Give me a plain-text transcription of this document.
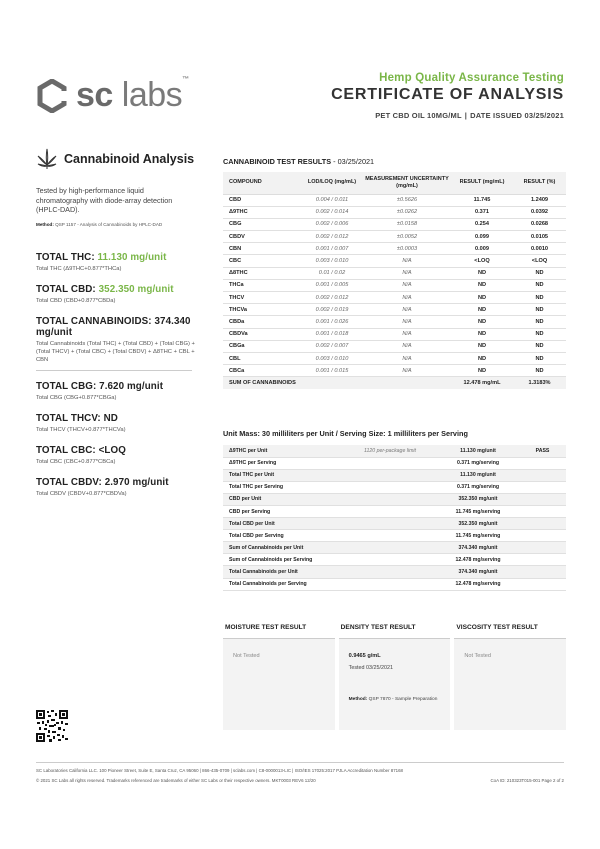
sc labs™	Hemp Quality Assurance Testing
CERTIFICATE OF ANALYSIS
PET CBD OIL 10MG/ML | DATE ISSUED 03/25/2021
Cannabinoid Analysis
Tested by high-performance liquid chromatography with diode-array detection (HPLC-DAD).
Method: QSP 1157 - Analysis of Cannabinoids by HPLC-DAD
TOTAL THC: 11.130 mg/unit
Total THC (Δ9THC+0.877*THCa)
TOTAL CBD: 352.350 mg/unit
Total CBD (CBD+0.877*CBDa)
TOTAL CANNABINOIDS: 374.340 mg/unit
Total Cannabinoids (Total THC) + (Total CBD) + (Total CBG) + (Total THCV) + (Total CBC) + (Total CBDV) + Δ8THC + CBL + CBN
TOTAL CBG: 7.620 mg/unit
Total CBG (CBG+0.877*CBGa)
TOTAL THCV: ND
Total THCV (THCV+0.877*THCVa)
TOTAL CBC: <LOQ
Total CBC (CBC+0.877*CBCa)
TOTAL CBDV: 2.970 mg/unit
Total CBDV (CBDV+0.877*CBDVa)
CANNABINOID TEST RESULTS - 03/25/2021
COMPOUND	LOD/LOQ (mg/mL)	MEASUREMENT UNCERTAINTY (mg/mL)	RESULT (mg/mL)	RESULT (%)
CBD	0.004 / 0.011	±0.5626	11.745	1.2409
Δ9THC	0.002 / 0.014	±0.0262	0.371	0.0392
CBG	0.002 / 0.006	±0.0158	0.254	0.0268
CBDV	0.002 / 0.012	±0.0052	0.099	0.0105
CBN	0.001 / 0.007	±0.0003	0.009	0.0010
CBC	0.003 / 0.010	N/A	<LOQ	<LOQ
Δ8THC	0.01 / 0.02	N/A	ND	ND
THCa	0.001 / 0.005	N/A	ND	ND
THCV	0.002 / 0.012	N/A	ND	ND
THCVa	0.002 / 0.019	N/A	ND	ND
CBDa	0.001 / 0.026	N/A	ND	ND
CBDVa	0.001 / 0.018	N/A	ND	ND
CBGa	0.002 / 0.007	N/A	ND	ND
CBL	0.003 / 0.010	N/A	ND	ND
CBCa	0.001 / 0.015	N/A	ND	ND
SUM OF CANNABINOIDS			12.478 mg/mL	1.3183%
Unit Mass: 30 milliliters per Unit / Serving Size: 1 milliliters per Serving
Δ9THC per Unit	1120 per-package limit	11.130 mg/unit	PASS
Δ9THC per Serving		0.371 mg/serving	
Total THC per Unit		11.130 mg/unit	
Total THC per Serving		0.371 mg/serving	
CBD per Unit		352.350 mg/unit	
CBD per Serving		11.745 mg/serving	
Total CBD per Unit		352.350 mg/unit	
Total CBD per Serving		11.745 mg/serving	
Sum of Cannabinoids per Unit		374.340 mg/unit	
Sum of Cannabinoids per Serving		12.478 mg/serving	
Total Cannabinoids per Unit		374.340 mg/unit	
Total Cannabinoids per Serving		12.478 mg/serving	
MOISTURE TEST RESULT
Not Tested
DENSITY TEST RESULT
0.9465 g/mL
Tested 03/25/2021
Method: QSP 7870 - Sample Preparation
VISCOSITY TEST RESULT
Not Tested
SC Laboratories California LLC. 100 Pioneer Street, Suite E, Santa Cruz, CA 95060 | 866-435-0709 | sclabs.com | C8-0000013-LIC | ISO/IES 17025:2017 PJLA Accreditation Number 87168
© 2021 SC Labs all rights reserved. Trademarks referenced are trademarks of either SC Labs or their respective owners. MKT0003 REV6 12/20	CoA ID: 210323T015-001 Page 2 of 2
